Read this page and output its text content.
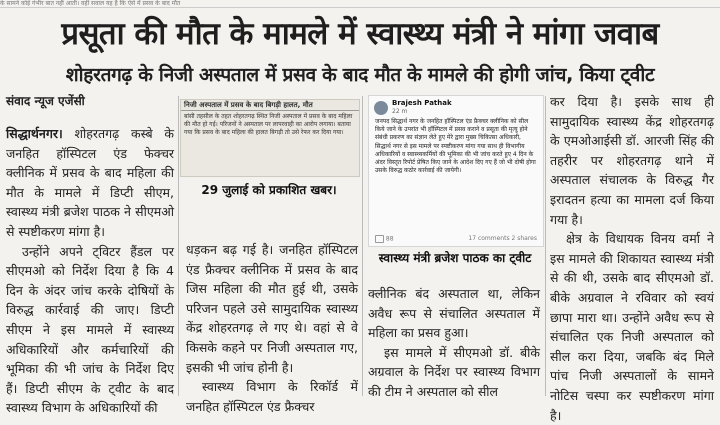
के सामने कोई गंभीर बात नहीं आती। वहीं सवाल यह है कि ऐसे में प्रसव के बाद मौत
प्रसूता की मौत के मामले में स्वास्थ्य मंत्री ने मांगा जवाब
शोहरतगढ़ के निजी अस्पताल में प्रसव के बाद मौत के मामले की होगी जांच, किया ट्वीट
संवाद न्यूज एजेंसी

सिद्धार्थनगर। शोहरतगढ़ कस्बे के जनहित हॉस्पिटल एंड फेक्चर क्लीनिक में प्रसव के बाद महिला की मौत के मामले में डिप्टी सीएम, स्वास्थ्य मंत्री ब्रजेश पाठक ने सीएमओ से स्पष्टीकरण मांगा है।

उन्होंने अपने ट्विटर हैंडल पर सीएमओ को निर्देश दिया है कि 4 दिन के अंदर जांच करके दोषियों के विरुद्ध कार्रवाई की जाए। डिप्टी सीएम ने इस मामले में स्वास्थ्य अधिकारियों और कर्मचारियों की भूमिका की भी जांच के निर्देश दिए हैं। डिप्टी सीएम के ट्वीट के बाद स्वास्थ्य विभाग के अधिकारियों की

निजी अस्पताल में प्रसव के बाद बिगड़ी हालत, मौत
बांसी तहसील के तहत शोहरतगढ़ स्थित निजी अस्पताल में प्रसव के बाद महिला की मौत हो गई। परिजनों ने अस्पताल पर लापरवाही का आरोप लगाया। बताया गया कि प्रसव के बाद महिला की हालत बिगड़ी तो उसे रेफर कर दिया गया।
29 जुलाई को प्रकाशित खबर।

धड़कन बढ़ गई है। जनहित हॉस्पिटल एंड फ्रैक्चर क्लीनिक में प्रसव के बाद जिस महिला की मौत हुई थी, उसके परिजन पहले उसे सामुदायिक स्वास्थ्य केंद्र शोहरतगढ़ ले गए थे। वहां से वे किसके कहने पर निजी अस्पताल गए, इसकी भी जांच होनी है।

स्वास्थ्य विभाग के रिकॉर्ड में जनहित हॉस्पिटल एंड फ्रैक्चर

Brajesh Pathak
22 m
जनपद सिद्धार्थ नगर के जनहित हॉस्पिटल एंड फ्रैक्चर क्लीनिक को सील किये जाने के उपरांत भी हॉस्पिटल में प्रसव कराने व प्रसूता की मृत्यु होने संबंधी प्रकरण का संज्ञान लेते हुए मेरे द्वारा मुख्य चिकित्सा अधिकारी, सिद्धार्थ नगर से इस मामले पर स्पष्टीकरण मांगा गया साथ ही विभागीय अधिकारियों व स्वास्थ्यकर्मियों की भूमिका की भी जांच करते हुए 4 दिन के अंदर विस्तृत रिपोर्ट प्रेषित किए जाने के आदेश दिए गए हैं जो भी दोषी होगा उसके विरुद्ध कठोर कार्रवाई की जायेगी।
88	17 comments 2 shares
स्वास्थ्य मंत्री ब्रजेश पाठक का ट्वीट

क्लीनिक बंद अस्पताल था, लेकिन अवैध रूप से संचालित अस्पताल में महिला का प्रसव हुआ।

इस मामले में सीएमओ डॉ. बीके अग्रवाल के निर्देश पर स्वास्थ्य विभाग की टीम ने अस्पताल को सील

कर दिया है। इसके साथ ही सामुदायिक स्वास्थ्य केंद्र शोहरतगढ़ के एमओआईसी डॉ. आरजी सिंह की तहरीर पर शोहरतगढ़ थाने में अस्पताल संचालक के विरुद्ध गैर इरादतन हत्या का मामला दर्ज किया गया है।

क्षेत्र के विधायक विनय वर्मा ने इस मामले की शिकायत स्वास्थ्य मंत्री से की थी, उसके बाद सीएमओ डॉ. बीके अग्रवाल ने रविवार को स्वयं छापा मारा था। उन्होंने अवैध रूप से संचालित एक निजी अस्पताल को सील करा दिया, जबकि बंद मिले पांच निजी अस्पतालों के सामने नोटिस चस्पा कर स्पष्टीकरण मांगा है।
